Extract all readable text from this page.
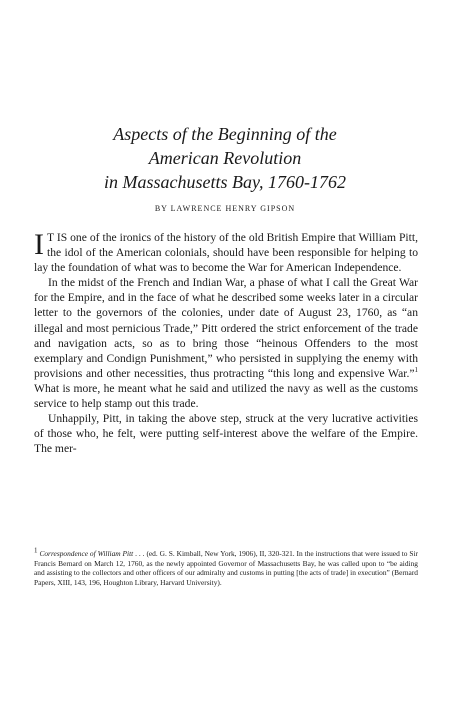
Aspects of the Beginning of the
American Revolution
in Massachusetts Bay, 1760-1762

BY LAWRENCE HENRY GIPSON

I T IS one of the ironics of the history of the old British Empire that William Pitt, the idol of the American colonials, should have been responsible for helping to lay the foundation of what was to become the War for American Independence.

In the midst of the French and Indian War, a phase of what I call the Great War for the Empire, and in the face of what he described some weeks later in a circular letter to the governors of the colonies, under date of August 23, 1760, as “an illegal and most pernicious Trade,” Pitt ordered the strict enforcement of the trade and navigation acts, so as to bring those “heinous Offenders to the most exemplary and Condign Punishment,” who persisted in supplying the enemy with provisions and other necessities, thus protracting “this long and expensive War.”$^1$ What is more, he meant what he said and utilized the navy as well as the customs service to help stamp out this trade.

1 Correspondence of William Pitt . . . (ed. G. S. Kimball, New York, 1906), II, 320-321. In the instructions that were issued to Sir Francis Bernard on March 12, 1760, as the newly appointed Governor of Massachusetts Bay, he was called upon to “be aiding and assisting to the collectors and other officers of our admiralty and customs in putting [the acts of trade] in execution” (Bernard Papers, XIII, 143, 196, Houghton Library, Harvard University).

Unhappily, Pitt, in taking the above step, struck at the very lucrative activities of those who, he felt, were putting self-interest above the welfare of the Empire. The mer-
